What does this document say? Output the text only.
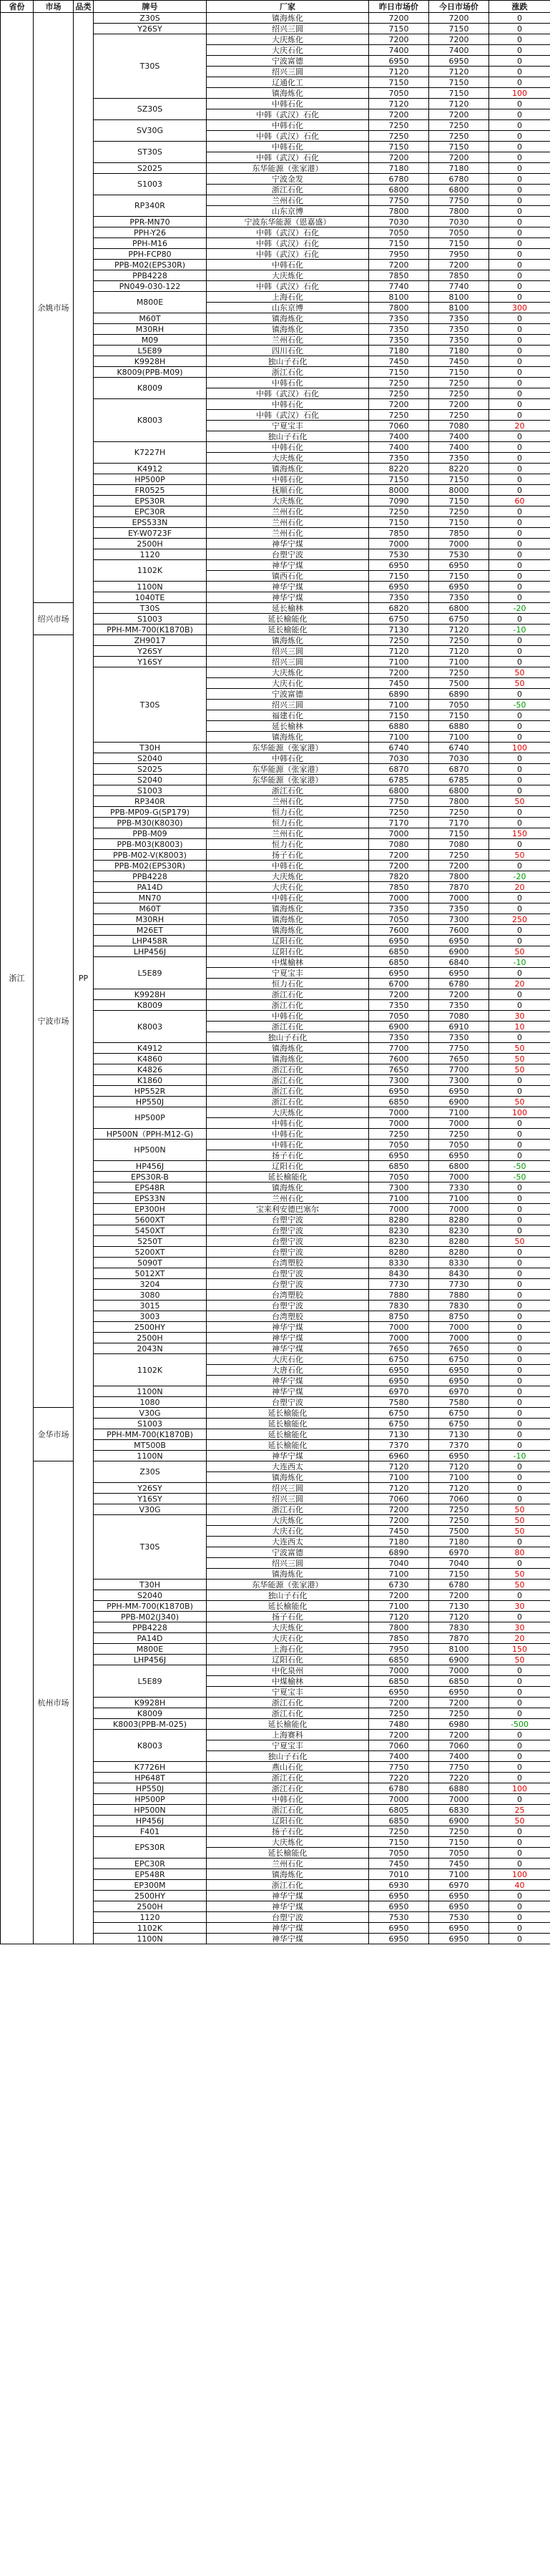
省份	市场	品类	牌号	厂家	昨日市场价	今日市场价	涨跌
浙江	余姚市场	PP	Z30S	镇海炼化	7200	7200	0
			Y26SY	绍兴三圆	7150	7150	0
			T30S	大庆炼化	7200	7200	0
				大庆石化	7400	7400	0
				宁波富德	6950	6950	0
				绍兴三圆	7120	7120	0
				辽通化工	7150	7150	0
				镇海炼化	7050	7150	100
			SZ30S	中韩石化	7120	7120	0
				中韩（武汉）石化	7200	7200	0
			SV30G	中韩石化	7250	7250	0
				中韩（武汉）石化	7250	7250	0
			ST30S	中韩石化	7150	7150	0
				中韩（武汉）石化	7200	7200	0
			S2025	东华能源（张家港）	7180	7180	0
			S1003	宁波金发	6780	6780	0
				浙江石化	6800	6800	0
			RP340R	兰州石化	7750	7750	0
				山东京博	7800	7800	0
			PPR-MN70	宁波东华能源（恩嘉盛）	7030	7030	0
			PPH-Y26	中韩（武汉）石化	7050	7050	0
			PPH-M16	中韩（武汉）石化	7150	7150	0
			PPH-FCP80	中韩（武汉）石化	7950	7950	0
			PPB-M02(EPS30R)	中韩石化	7200	7200	0
			PPB4228	大庆炼化	7850	7850	0
			PN049-030-122	中韩（武汉）石化	7740	7740	0
			M800E	上海石化	8100	8100	0
				山东京博	7800	8100	300
			M60T	镇海炼化	7350	7350	0
			M30RH	镇海炼化	7350	7350	0
			M09	兰州石化	7350	7350	0
			L5E89	四川石化	7180	7180	0
			K9928H	独山子石化	7450	7450	0
			K8009(PPB-M09)	浙江石化	7150	7150	0
			K8009	中韩石化	7250	7250	0
				中韩（武汉）石化	7250	7250	0
			K8003	中韩石化	7200	7200	0
				中韩（武汉）石化	7250	7250	0
				宁夏宝丰	7060	7080	20
				独山子石化	7400	7400	0
			K7227H	中韩石化	7400	7400	0
				大庆炼化	7350	7350	0
			K4912	镇海炼化	8220	8220	0
			HP500P	中韩石化	7150	7150	0
			FR0525	抚顺石化	8000	8000	0
			EPS30R	大庆炼化	7090	7150	60
			EPC30R	兰州石化	7250	7250	0
			EPS533N	兰州石化	7150	7150	0
			EY-W0723F	兰州石化	7850	7850	0
			2500H	神华宁煤	7000	7000	0
			1120	台塑宁波	7530	7530	0
			1102K	神华宁煤	6950	6950	0
				镇西石化	7150	7150	0
			1100N	神华宁煤	6950	6950	0
			1040TE	神华宁煤	7350	7350	0
	绍兴市场		T30S	延长榆林	6820	6800	-20
			S1003	延长榆能化	6750	6750	0
			PPH-MM-700(K1870B)	延长榆能化	7130	7120	-10
	宁波市场		ZH9017	镇海炼化	7250	7250	0
			Y26SY	绍兴三圆	7120	7120	0
			Y16SY	绍兴三圆	7100	7100	0
			T30S	大庆炼化	7200	7250	50
				大庆石化	7450	7500	50
				宁波富德	6890	6890	0
				绍兴三圆	7100	7050	-50
				福建石化	7150	7150	0
				延长榆林	6880	6880	0
				镇海炼化	7100	7100	0
			T30H	东华能源（张家港）	6740	6740	100
			S2040	中韩石化	7030	7030	0
			S2025	东华能源（张家港）	6870	6870	0
			S2040	东华能源（张家港）	6785	6785	0
			S1003	浙江石化	6800	6800	0
			RP340R	兰州石化	7750	7800	50
			PPB-MP09-G(SP179)	恒力石化	7250	7250	0
			PPB-M30(K8030)	恒力石化	7170	7170	0
			PPB-M09	兰州石化	7000	7150	150
			PPB-M03(K8003)	恒力石化	7080	7080	0
			PPB-M02-V(K8003)	扬子石化	7200	7250	50
			PPB-M02(EPS30R)	中韩石化	7200	7200	0
			PPB4228	大庆炼化	7820	7800	-20
			PA14D	大庆石化	7850	7870	20
			MN70	中韩石化	7000	7000	0
			M60T	镇海炼化	7350	7350	0
			M30RH	镇海炼化	7050	7300	250
			M26ET	镇海炼化	7600	7600	0
			LHP458R	辽阳石化	6950	6950	0
			LHP456J	辽阳石化	6850	6900	50
			L5E89	中煤榆林	6850	6840	-10
				宁夏宝丰	6950	6950	0
				恒力石化	6700	6780	20
			K9928H	浙江石化	7200	7200	0
			K8009	浙江石化	7350	7350	0
			K8003	中韩石化	7050	7080	30
				浙江石化	6900	6910	10
				独山子石化	7350	7350	0
			K4912	镇海炼化	7700	7750	50
			K4860	镇海炼化	7600	7650	50
			K4826	浙江石化	7650	7700	50
			K1860	浙江石化	7300	7300	0
			HP552R	浙江石化	6950	6950	0
			HP550J	浙江石化	6850	6900	50
			HP500P	大庆炼化	7000	7100	100
				中韩石化	7000	7000	0
			HP500N（PPH-M12-G)	中韩石化	7250	7250	0
			HP500N	中韩石化	7050	7050	0
				扬子石化	6950	6950	0
			HP456J	辽阳石化	6850	6800	-50
			EPS30R-B	延长榆能化	7050	7000	-50
			EPS48R	镇海炼化	7300	7330	0
			EPS33N	兰州石化	7100	7100	0
			EP300H	宝来利安德巴塞尔	7000	7000	0
			5600XT	台塑宁波	8280	8280	0
			5450XT	台塑宁波	8230	8230	0
			5250T	台塑宁波	8230	8280	50
			5200XT	台塑宁波	8280	8280	0
			5090T	台湾塑胶	8330	8330	0
			5012XT	台塑宁波	8430	8430	0
			3204	台塑宁波	7730	7730	0
			3080	台湾塑胶	7880	7880	0
			3015	台塑宁波	7830	7830	0
			3003	台湾塑胶	8750	8750	0
			2500HY	神华宁煤	7000	7000	0
			2500H	神华宁煤	7000	7000	0
			2043N	神华宁煤	7650	7650	0
			1102K	大庆石化	6750	6750	0
				大唐石化	6950	6950	0
				神华宁煤	6950	6950	0
			1100N	神华宁煤	6970	6970	0
			1080	台塑宁波	7580	7580	0
	金华市场		V30G	延长榆能化	6750	6750	0
			S1003	延长榆能化	6750	6750	0
			PPH-MM-700(K1870B)	延长榆能化	7130	7130	0
			MT500B	延长榆能化	7370	7370	0
			1100N	神华宁煤	6960	6950	-10
	杭州市场		Z30S	大连西太	7120	7120	0
				镇海炼化	7100	7100	0
			Y26SY	绍兴三圆	7120	7120	0
			Y16SY	绍兴三圆	7060	7060	0
			V30G	浙江石化	7200	7250	50
			T30S	大庆炼化	7200	7250	50
				大庆石化	7450	7500	50
				大连西太	7180	7180	0
				宁波富德	6890	6970	80
				绍兴三圆	7040	7040	0
				镇海炼化	7100	7150	50
			T30H	东华能源（张家港）	6730	6780	50
			S2040	独山子石化	7200	7200	0
			PPH-MM-700(K1870B)	延长榆能化	7100	7130	30
			PPB-M02(J340)	扬子石化	7120	7120	0
			PPB4228	大庆炼化	7800	7830	30
			PA14D	大庆石化	7850	7870	20
			M800E	上海石化	7950	8100	150
			LHP456J	辽阳石化	6850	6900	50
			L5E89	中化泉州	7000	7000	0
				中煤榆林	6850	6850	0
				宁夏宝丰	6950	6950	0
			K9928H	浙江石化	7200	7200	0
			K8009	浙江石化	7250	7250	0
			K8003(PPB-M-025)	延长榆能化	7480	6980	-500
			K8003	上海赛科	7200	7200	0
				宁夏宝丰	7060	7060	0
				独山子石化	7400	7400	0
			K7726H	燕山石化	7750	7750	0
			HP648T	浙江石化	7220	7220	0
			HP550J	浙江石化	6780	6880	100
			HP500P	中韩石化	7000	7000	0
			HP500N	浙江石化	6805	6830	25
			HP456J	辽阳石化	6850	6900	50
			F401	扬子石化	7250	7250	0
			EPS30R	大庆炼化	7150	7150	0
				延长榆能化	7050	7050	0
			EPC30R	兰州石化	7450	7450	0
			EP548R	镇海炼化	7010	7100	100
			EP300M	浙江石化	6930	6970	40
			2500HY	神华宁煤	6950	6950	0
			2500H	神华宁煤	6950	6950	0
			1120	台塑宁波	7530	7530	0
			1102K	神华宁煤	6950	6950	0
			1100N	神华宁煤	6950	6950	0
